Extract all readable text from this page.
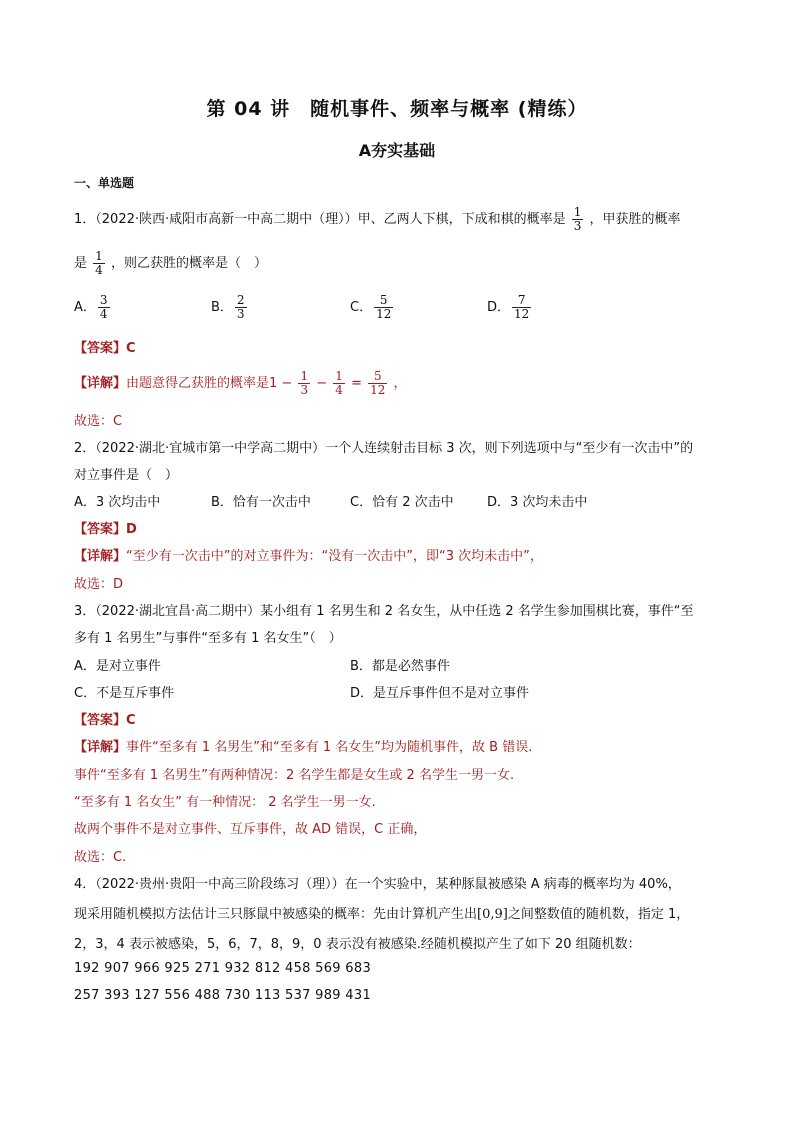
第 04 讲　随机事件、频率与概率 (精练）
A夯实基础
一、单选题
1．（2022·陕西·咸阳市高新一中高二期中（理））甲、乙两人下棋，下成和棋的概率是 $\frac{1}{3}$ ，甲获胜的概率
是 $\frac{1}{4}$ ，则乙获胜的概率是（　）
A． $\frac{3}{4}$	B． $\frac{2}{3}$	C． $\frac{5}{12}$	D． $\frac{7}{12}$
【答案】C
【详解】由题意得乙获胜的概率是$1 - \frac{1}{3} - \frac{1}{4} = \frac{5}{12}$ ，
故选：C
2．（2022·湖北·宜城市第一中学高二期中）一个人连续射击目标 3 次，则下列选项中与“至少有一次击中”的
对立事件是（　）
A．3 次均击中	B．恰有一次击中	C．恰有 2 次击中	D．3 次均未击中
【答案】D
【详解】“至少有一次击中”的对立事件为：“没有一次击中”，即“3 次均未击中”，
故选：D
3．（2022·湖北宜昌·高二期中）某小组有 1 名男生和 2 名女生，从中任选 2 名学生参加围棋比赛，事件“至
多有 1 名男生”与事件“至多有 1 名女生”（　）
A．是对立事件	B．都是必然事件
C．不是互斥事件	D．是互斥事件但不是对立事件
【答案】C
【详解】事件“至多有 1 名男生”和“至多有 1 名女生”均为随机事件，故 B 错误.
事件“至多有 1 名男生”有两种情况：2 名学生都是女生或 2 名学生一男一女.
“至多有 1 名女生” 有一种情况： 2 名学生一男一女.
故两个事件不是对立事件、互斥事件，故 AD 错误，C 正确，
故选：C.
4．（2022·贵州·贵阳一中高三阶段练习（理））在一个实验中，某种豚鼠被感染 A 病毒的概率均为 40%，
现采用随机模拟方法估计三只豚鼠中被感染的概率：先由计算机产生出[0,9]之间整数值的随机数，指定 1，
2，3，4 表示被感染，5，6，7，8，9，0 表示没有被感染.经随机模拟产生了如下 20 组随机数：
192 907 966 925 271 932 812 458 569 683
257 393 127 556 488 730 113 537 989 431
